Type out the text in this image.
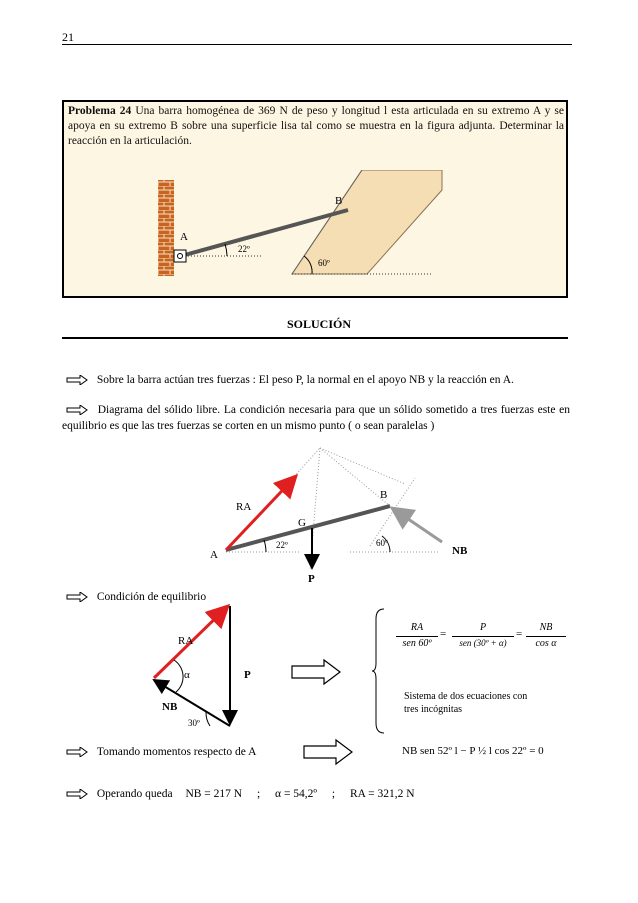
21
Problema 24 Una barra homogénea de 369 N de peso y longitud l esta articulada en su extremo A y se apoya en su extremo B sobre una superficie lisa tal como se muestra en la figura adjunta. Determinar la reacción en la articulación.
A
B
22º
60º
SOLUCIÓN
Sobre la barra actúan tres fuerzas : El peso P, la normal en el apoyo NB y la reacción en A.
Diagrama del sólido libre. La condición necesaria para que un sólido sometido a tres fuerzas este en equilibrio es que las tres fuerzas se corten en un mismo punto ( o sean paralelas )
RA
G
A
B
P
NB
22º	60º
Condición de equilibrio
RA
α	P
NB
30º
RA
sen 60º
=
P
sen (30º + α)
=
NB
cos α
Sistema de dos ecuaciones con tres incógnitas
Tomando momentos respecto de A	NB sen 52º l − P ½ l cos 22º = 0
Operando queda NB = 217 N ; α = 54,2º ; RA = 321,2 N
